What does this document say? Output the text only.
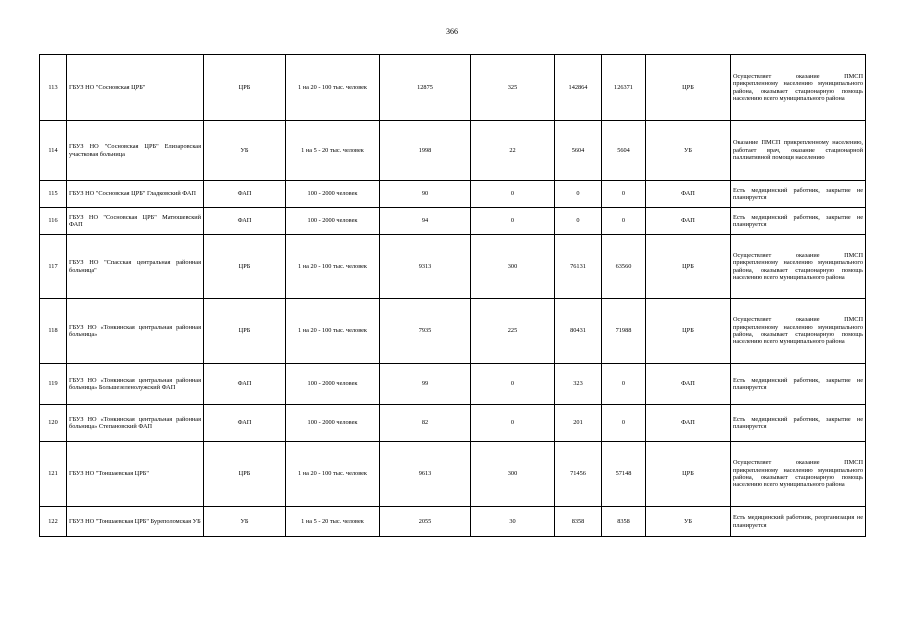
366
113	ГБУЗ НО "Сосновская ЦРБ"	ЦРБ	1 на 20 - 100 тыс. человек	12875	325	142864	126371	ЦРБ	Осуществляет оказание ПМСП прикрепленному населению муниципального района, оказывает стационарную помощь населению всего муниципального района
114	ГБУЗ НО "Сосновская ЦРБ" Елизаровская участковая больница	УБ	1 на 5 - 20 тыс. человек	1998	22	5604	5604	УБ	Оказание ПМСП прикрепленному населению, работает врач, оказание стационарной паллиативной помощи населению
115	ГБУЗ НО "Сосновская ЦРБ" Гладковский ФАП	ФАП	100 - 2000 человек	90	0	0	0	ФАП	Есть медицинский работник, закрытие не планируется
116	ГБУЗ НО "Сосновская ЦРБ" Матюшевский ФАП	ФАП	100 - 2000 человек	94	0	0	0	ФАП	Есть медицинский работник, закрытие не планируется
117	ГБУЗ НО "Спасская центральная районная больница"	ЦРБ	1 на 20 - 100 тыс. человек	9313	300	76131	63560	ЦРБ	Осуществляет оказание ПМСП прикрепленному населению муниципального района, оказывает стационарную помощь населению всего муниципального района
118	ГБУЗ НО «Тонкинская центральная районная больница»	ЦРБ	1 на 20 - 100 тыс. человек	7935	225	80431	71988	ЦРБ	Осуществляет оказание ПМСП прикрепленному населению муниципального района, оказывает стационарную помощь населению всего муниципального района
119	ГБУЗ НО «Тонкинская центральная районная больница» Большезеленолужский ФАП	ФАП	100 - 2000 человек	99	0	323	0	ФАП	Есть медицинский работник, закрытие не планируется
120	ГБУЗ НО «Тонкинская центральная районная больница» Степановский ФАП	ФАП	100 - 2000 человек	82	0	201	0	ФАП	Есть медицинский работник, закрытие не планируется
121	ГБУЗ НО "Тоншаевская ЦРБ"	ЦРБ	1 на 20 - 100 тыс. человек	9613	300	71456	57148	ЦРБ	Осуществляет оказание ПМСП прикрепленному населению муниципального района, оказывает стационарную помощь населению всего муниципального района
122	ГБУЗ НО "Тоншаевская ЦРБ" Буреполомская УБ	УБ	1 на 5 - 20 тыс. человек	2055	30	8358	8358	УБ	Есть медицинский работник, реорганизация не планируется
